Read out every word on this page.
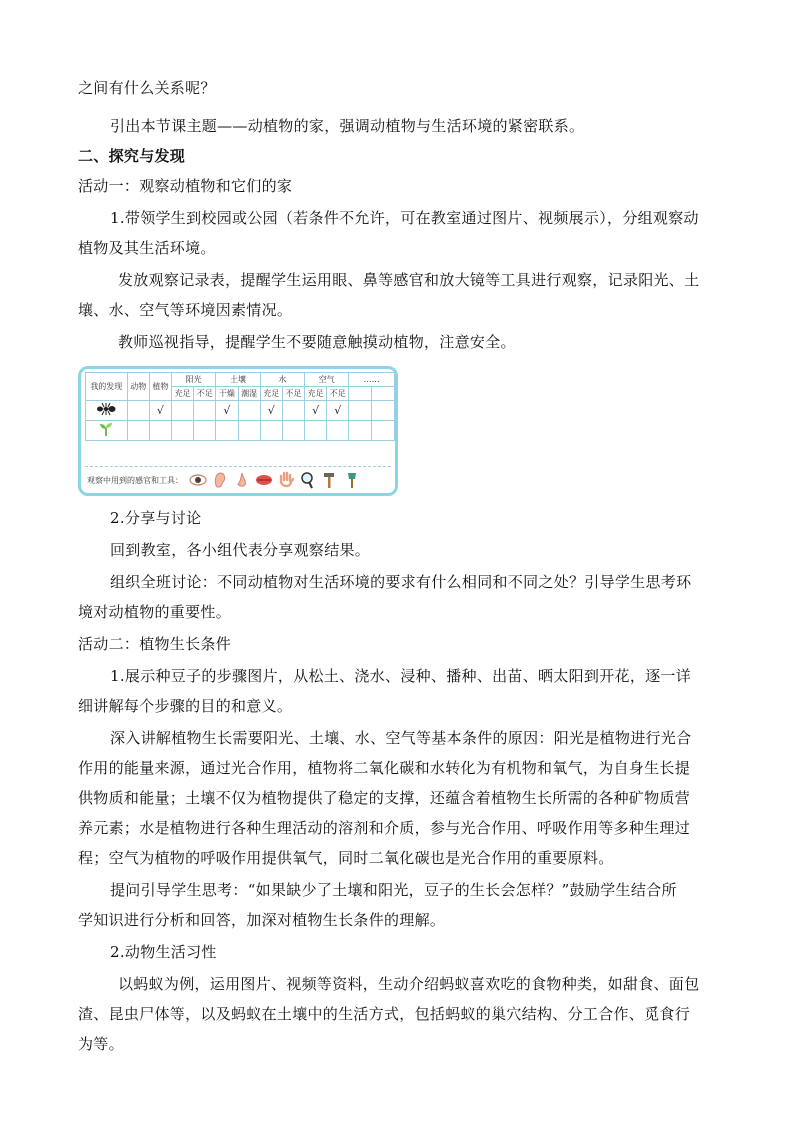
之间有什么关系呢？
引出本节课主题——动植物的家，强调动植物与生活环境的紧密联系。
二、探究与发现
活动一：观察动植物和它们的家
1.带领学生到校园或公园（若条件不允许，可在教室通过图片、视频展示），分组观察动
植物及其生活环境。
发放观察记录表，提醒学生运用眼、鼻等感官和放大镜等工具进行观察，记录阳光、土
壤、水、空气等环境因素情况。
教师巡视指导，提醒学生不要随意触摸动植物，注意安全。
2.分享与讨论
回到教室，各小组代表分享观察结果。
组织全班讨论：不同动植物对生活环境的要求有什么相同和不同之处？引导学生思考环
境对动植物的重要性。
活动二：植物生长条件
1.展示种豆子的步骤图片，从松土、浇水、浸种、播种、出苗、晒太阳到开花，逐一详
细讲解每个步骤的目的和意义。
深入讲解植物生长需要阳光、土壤、水、空气等基本条件的原因：阳光是植物进行光合
作用的能量来源，通过光合作用，植物将二氧化碳和水转化为有机物和氧气，为自身生长提
供物质和能量；土壤不仅为植物提供了稳定的支撑，还蕴含着植物生长所需的各种矿物质营
养元素；水是植物进行各种生理活动的溶剂和介质，参与光合作用、呼吸作用等多种生理过
程；空气为植物的呼吸作用提供氧气，同时二氧化碳也是光合作用的重要原料。
提问引导学生思考：“如果缺少了土壤和阳光，豆子的生长会怎样？”鼓励学生结合所
学知识进行分析和回答，加深对植物生长条件的理解。
2.动物生活习性
以蚂蚁为例，运用图片、视频等资料，生动介绍蚂蚁喜欢吃的食物种类，如甜食、面包
渣、昆虫尸体等，以及蚂蚁在土壤中的生活方式，包括蚂蚁的巢穴结构、分工合作、觅食行
为等。
我的发现	动物	植物	阳光		土壤		水		空气		……	
			充足	不足	干燥	潮湿	充足	不足	充足	不足		
		√			√		√		√	√		

观察中用到的感官和工具：
